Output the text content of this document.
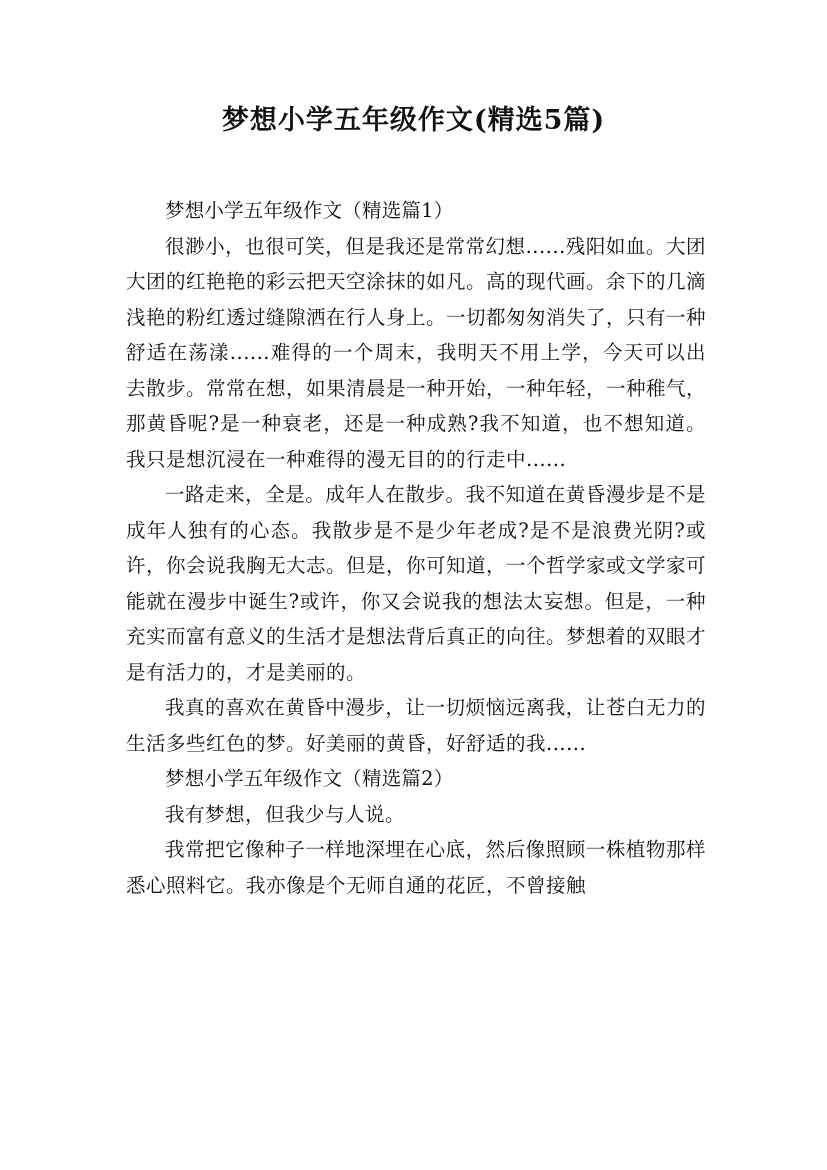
梦想小学五年级作文(精选5篇)

梦想小学五年级作文（精选篇1）

很渺小，也很可笑，但是我还是常常幻想......残阳如血。大团大团的红艳艳的彩云把天空涂抹的如凡。高的现代画。余下的几滴浅艳的粉红透过缝隙洒在行人身上。一切都匆匆消失了，只有一种舒适在荡漾......难得的一个周末，我明天不用上学，今天可以出去散步。常常在想，如果清晨是一种开始，一种年轻，一种稚气，那黄昏呢?是一种衰老，还是一种成熟?我不知道，也不想知道。我只是想沉浸在一种难得的漫无目的的行走中......

一路走来，全是。成年人在散步。我不知道在黄昏漫步是不是成年人独有的心态。我散步是不是少年老成?是不是浪费光阴?或许，你会说我胸无大志。但是，你可知道，一个哲学家或文学家可能就在漫步中诞生?或许，你又会说我的想法太妄想。但是，一种充实而富有意义的生活才是想法背后真正的向往。梦想着的双眼才是有活力的，才是美丽的。

我真的喜欢在黄昏中漫步，让一切烦恼远离我，让苍白无力的生活多些红色的梦。好美丽的黄昏，好舒适的我......

梦想小学五年级作文（精选篇2）

我有梦想，但我少与人说。

我常把它像种子一样地深埋在心底，然后像照顾一株植物那样悉心照料它。我亦像是个无师自通的花匠，不曾接触
